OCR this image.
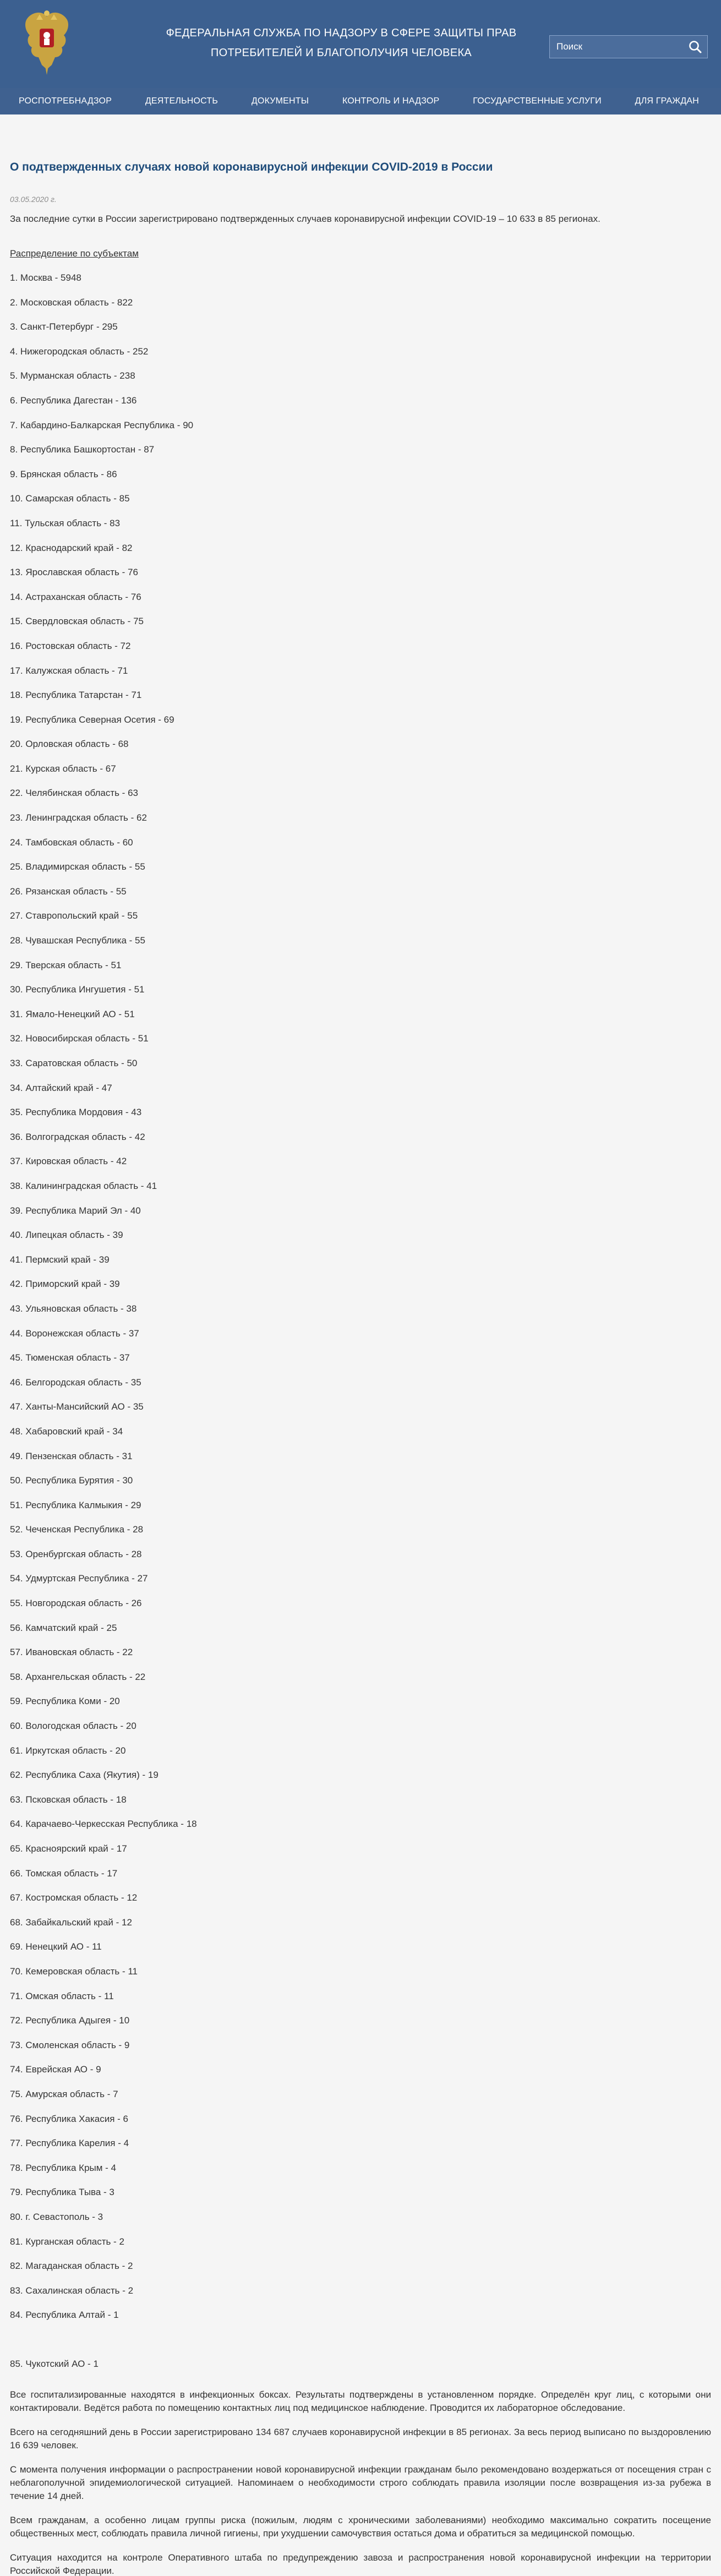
ФЕДЕРАЛЬНАЯ СЛУЖБА ПО НАДЗОРУ В СФЕРЕ ЗАЩИТЫ ПРАВ ПОТРЕБИТЕЛЕЙ И БЛАГОПОЛУЧИЯ ЧЕЛОВЕКА
Поиск
РОСПОТРЕБНАДЗОР	ДЕЯТЕЛЬНОСТЬ	ДОКУМЕНТЫ	КОНТРОЛЬ И НАДЗОР	ГОСУДАРСТВЕННЫЕ УСЛУГИ	ДЛЯ ГРАЖДАН
О подтвержденных случаях новой коронавирусной инфекции COVID-2019 в России
03.05.2020 г.

За последние сутки в России зарегистрировано подтвержденных случаев коронавирусной инфекции COVID-19 – 10 633 в 85 регионах.

Распределение по субъектам
1. Москва - 5948
2. Московская область - 822
3. Санкт-Петербург - 295
4. Нижегородская область - 252
5. Мурманская область - 238
6. Республика Дагестан - 136
7. Кабардино-Балкарская Республика - 90
8. Республика Башкортостан - 87
9. Брянская область - 86
10. Самарская область - 85
11. Тульская область - 83
12. Краснодарский край - 82
13. Ярославская область - 76
14. Астраханская область - 76
15. Свердловская область - 75
16. Ростовская область - 72
17. Калужская область - 71
18. Республика Татарстан - 71
19. Республика Северная Осетия - 69
20. Орловская область - 68
21. Курская область - 67
22. Челябинская область - 63
23. Ленинградская область - 62
24. Тамбовская область - 60
25. Владимирская область - 55
26. Рязанская область - 55
27. Ставропольский край - 55
28. Чувашская Республика - 55
29. Тверская область - 51
30. Республика Ингушетия - 51
31. Ямало-Ненецкий АО - 51
32. Новосибирская область - 51
33. Саратовская область - 50
34. Алтайский край - 47
35. Республика Мордовия - 43
36. Волгоградская область - 42
37. Кировская область - 42
38. Калининградская область - 41
39. Республика Марий Эл - 40
40. Липецкая область - 39
41. Пермский край - 39
42. Приморский край - 39
43. Ульяновская область - 38
44. Воронежская область - 37
45. Тюменская область - 37
46. Белгородская область - 35
47. Ханты-Мансийский АО - 35
48. Хабаровский край - 34
49. Пензенская область - 31
50. Республика Бурятия - 30
51. Республика Калмыкия - 29
52. Чеченская Республика - 28
53. Оренбургская область - 28
54. Удмуртская Республика - 27
55. Новгородская область - 26
56. Камчатский край - 25
57. Ивановская область - 22
58. Архангельская область - 22
59. Республика Коми - 20
60. Вологодская область - 20
61. Иркутская область - 20
62. Республика Саха (Якутия) - 19
63. Псковская область - 18
64. Карачаево-Черкесская Республика - 18
65. Красноярский край - 17
66. Томская область - 17
67. Костромская область - 12
68. Забайкальский край - 12
69. Ненецкий АО - 11
70. Кемеровская область - 11
71. Омская область - 11
72. Республика Адыгея - 10
73. Смоленская область - 9
74. Еврейская АО - 9
75. Амурская область - 7
76. Республика Хакасия - 6
77. Республика Карелия - 4
78. Республика Крым - 4
79. Республика Тыва - 3
80. г. Севастополь - 3
81. Курганская область - 2
82. Магаданская область - 2
83. Сахалинская область - 2
84. Республика Алтай - 1
85. Чукотский АО - 1

Все госпитализированные находятся в инфекционных боксах. Результаты подтверждены в установленном порядке. Определён круг лиц, с которыми они контактировали. Ведётся работа по помещению контактных лиц под медицинское наблюдение. Проводится их лабораторное обследование.

Всего на сегодняшний день в России зарегистрировано 134 687 случаев коронавирусной инфекции в 85 регионах. За весь период выписано по выздоровлению 16 639 человек.

С момента получения информации о распространении новой коронавирусной инфекции гражданам было рекомендовано воздержаться от посещения стран с неблагополучной эпидемиологической ситуацией. Напоминаем о необходимости строго соблюдать правила изоляции после возвращения из-за рубежа в течение 14 дней.

Всем гражданам, а особенно лицам группы риска (пожилым, людям с хроническими заболеваниями) необходимо максимально сократить посещение общественных мест, соблюдать правила личной гигиены, при ухудшении самочувствия остаться дома и обратиться за медицинской помощью.

Ситуация находится на контроле Оперативного штаба по предупреждению завоза и распространения новой коронавирусной инфекции на территории Российской Федерации.
